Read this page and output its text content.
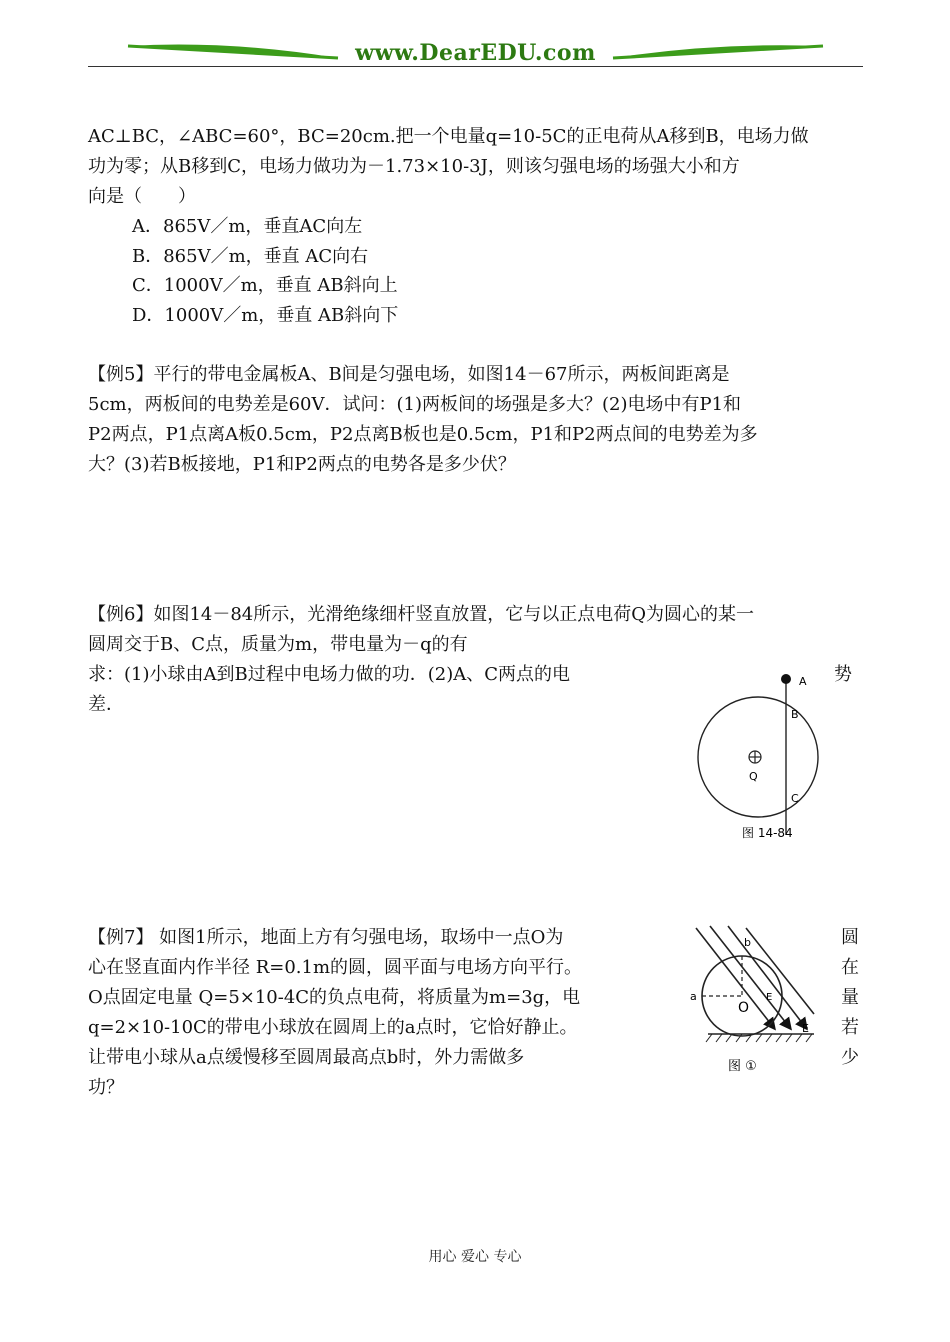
www.DearEDU.com

AC⊥BC，∠ABC=60°，BC=20cm.把一个电量q=10-5C的正电荷从A移到B，电场力做

功为零；从B移到C，电场力做功为－1.73×10-3J，则该匀强电场的场强大小和方

向是（　　）

A．865V／m，垂直AC向左
B．865V／m，垂直 AC向右
C．1000V／m，垂直 AB斜向上
D．1000V／m，垂直 AB斜向下

【例5】平行的带电金属板A、B间是匀强电场，如图14－67所示，两板间距离是

5cm，两板间的电势差是60V．试问：(1)两板间的场强是多大？(2)电场中有P1和

P2两点，P1点离A板0.5cm，P2点离B板也是0.5cm，P1和P2两点间的电势差为多

大？(3)若B板接地，P1和P2两点的电势各是多少伏？

【例6】如图14－84所示，光滑绝缘细杆竖直放置，它与以正点电荷Q为圆心的某一

圆周交于B、C点，质量为m，带电量为－q的有

求：(1)小球由A到B过程中电场力做的功．(2)A、C两点的电

差．

势

A
B
C
Q
图 14-84

【例7】 如图1所示，地面上方有匀强电场，取场中一点O为

心在竖直面内作半径 R=0.1m的圆，圆平面与电场方向平行。

O点固定电量 Q=5×10-4C的负点电荷，将质量为m=3g，电

q=2×10-10C的带电小球放在圆周上的a点时，它恰好静止。

让带电小球从a点缓慢移至圆周最高点b时，外力需做多

功？

圆

在

量

若

少

a
b
O
E
E
图 ①
用心 爱心 专心
